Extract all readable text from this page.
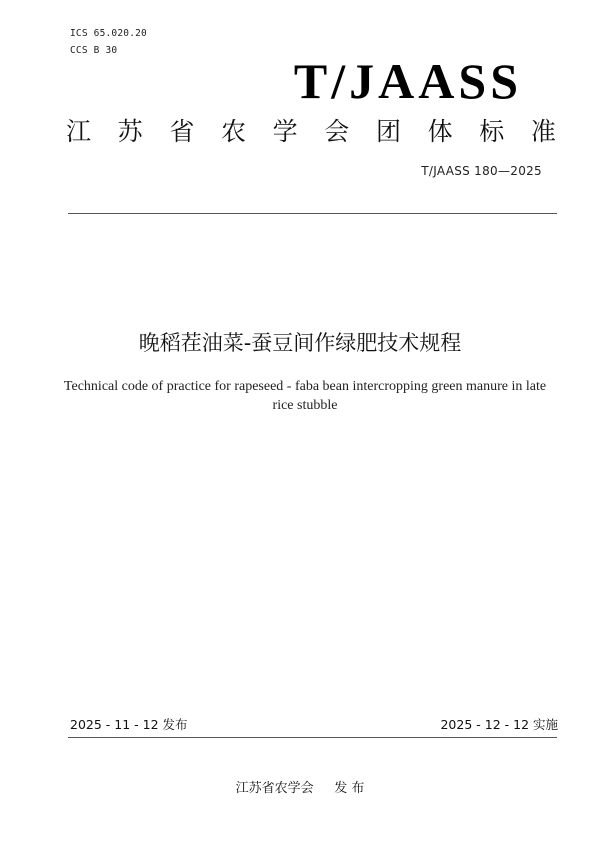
ICS 65.020.20
CCS B 30
T/JAASS
江 苏 省 农 学 会 团 体 标 准
T/JAASS 180—2025
晚稻茬油菜-蚕豆间作绿肥技术规程
Technical code of practice for rapeseed - faba bean intercropping green manure in late rice stubble
2025 - 11 - 12 发布	2025 - 12 - 12 实施
江苏省农学会     发 布
